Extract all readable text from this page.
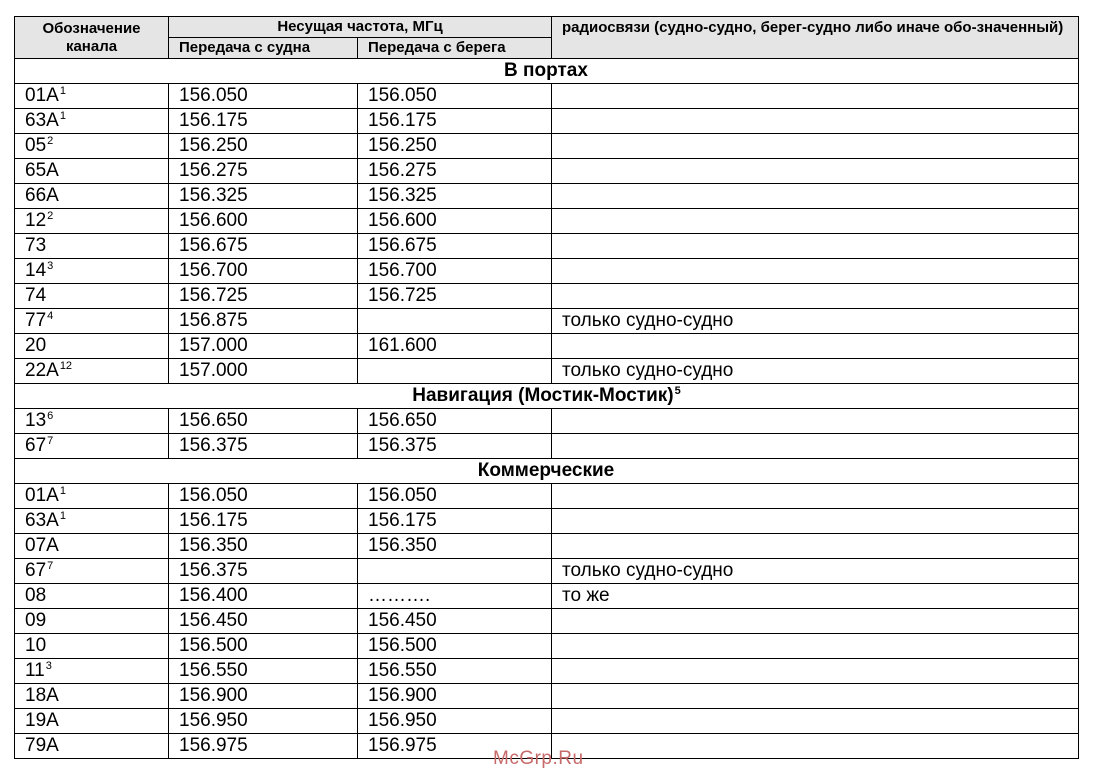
Обозначение канала	Несущая частота, МГц		радиосвязи (судно-судно, берег-судно либо иначе обо-значенный)
	Передача с судна	Передача с берега	
В портах			
$01A^1$	156.050	156.050	
$63A^1$	156.175	156.175	
$05^2$	156.250	156.250	
65A	156.275	156.275	
66A	156.325	156.325	
$12^2$	156.600	156.600	
73	156.675	156.675	
$14^3$	156.700	156.700	
74	156.725	156.725	
$77^4$	156.875		только судно-судно
20	157.000	161.600	
$22A^{12}$	157.000		только судно-судно
Навигация (Мостик-Мостик)$^5$
$13^6$	156.650	156.650	
$67^7$	156.375	156.375	
Коммерческие			
$01A^1$	156.050	156.050	
$63A^1$	156.175	156.175	
07A	156.350	156.350	
$67^7$	156.375		только судно-судно
08	156.400	……….	то же
09	156.450	156.450	
10	156.500	156.500	
$11^3$	156.550	156.550	
18A	156.900	156.900	
19A	156.950	156.950	
79A	156.975	156.975	
McGrp.Ru
